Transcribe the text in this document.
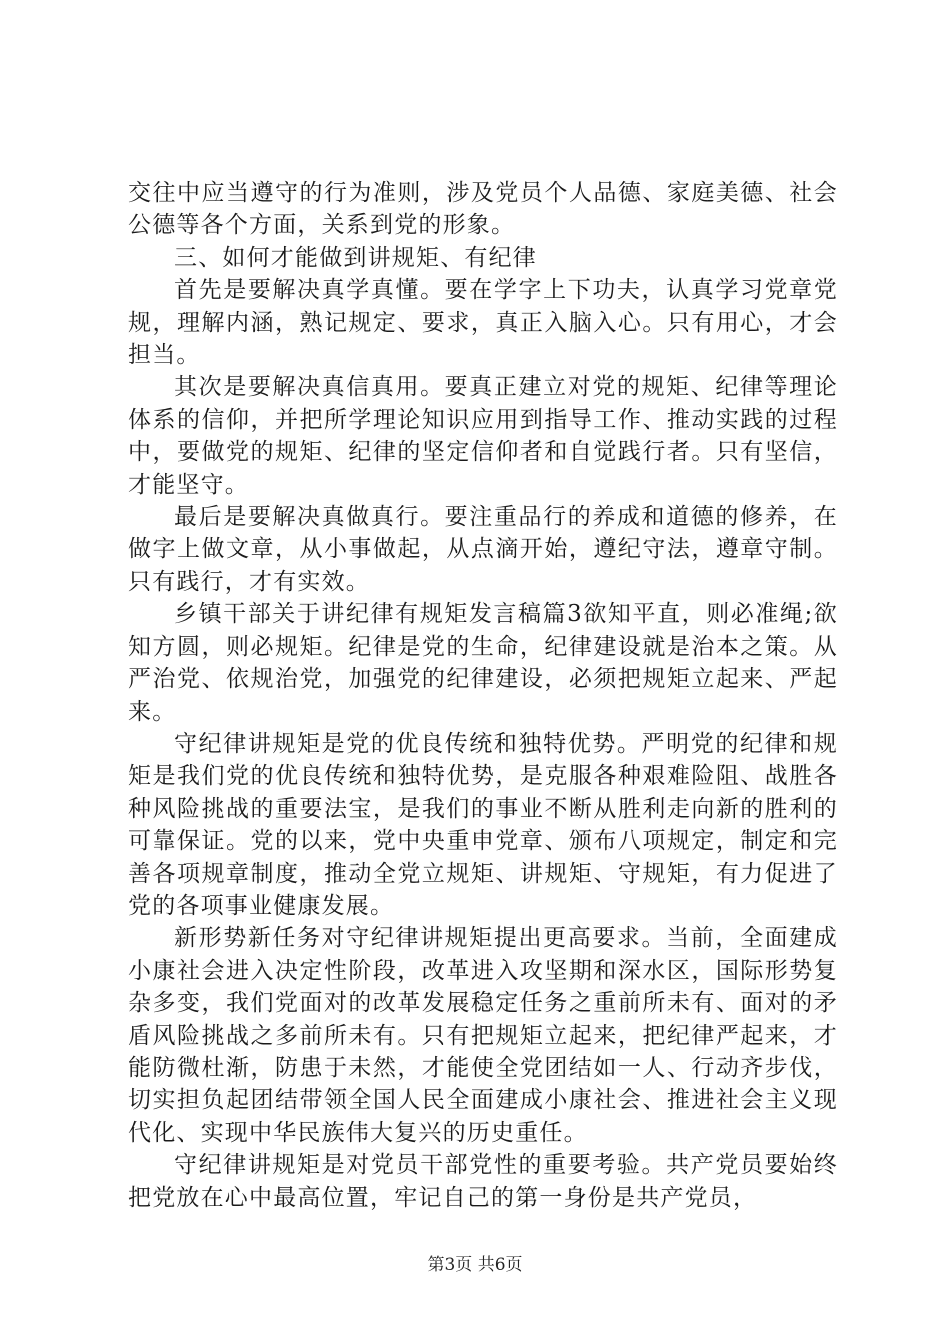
交往中应当遵守的行为准则，涉及党员个人品德、家庭美德、社会公德等各个方面，关系到党的形象。

三、如何才能做到讲规矩、有纪律

首先是要解决真学真懂。要在学字上下功夫，认真学习党章党规，理解内涵，熟记规定、要求，真正入脑入心。只有用心，才会担当。

其次是要解决真信真用。要真正建立对党的规矩、纪律等理论体系的信仰，并把所学理论知识应用到指导工作、推动实践的过程中，要做党的规矩、纪律的坚定信仰者和自觉践行者。只有坚信，才能坚守。

最后是要解决真做真行。要注重品行的养成和道德的修养，在做字上做文章，从小事做起，从点滴开始，遵纪守法，遵章守制。只有践行，才有实效。

乡镇干部关于讲纪律有规矩发言稿篇3欲知平直，则必准绳;欲知方圆，则必规矩。纪律是党的生命，纪律建设就是治本之策。从严治党、依规治党，加强党的纪律建设，必须把规矩立起来、严起来。

守纪律讲规矩是党的优良传统和独特优势。严明党的纪律和规矩是我们党的优良传统和独特优势，是克服各种艰难险阻、战胜各种风险挑战的重要法宝，是我们的事业不断从胜利走向新的胜利的可靠保证。党的以来，党中央重申党章、颁布八项规定，制定和完善各项规章制度，推动全党立规矩、讲规矩、守规矩，有力促进了党的各项事业健康发展。

新形势新任务对守纪律讲规矩提出更高要求。当前，全面建成小康社会进入决定性阶段，改革进入攻坚期和深水区，国际形势复杂多变，我们党面对的改革发展稳定任务之重前所未有、面对的矛盾风险挑战之多前所未有。只有把规矩立起来，把纪律严起来，才能防微杜渐，防患于未然，才能使全党团结如一人、行动齐步伐，切实担负起团结带领全国人民全面建成小康社会、推进社会主义现代化、实现中华民族伟大复兴的历史重任。

守纪律讲规矩是对党员干部党性的重要考验。共产党员要始终把党放在心中最高位置，牢记自己的第一身份是共产党员，

第3页 共6页
